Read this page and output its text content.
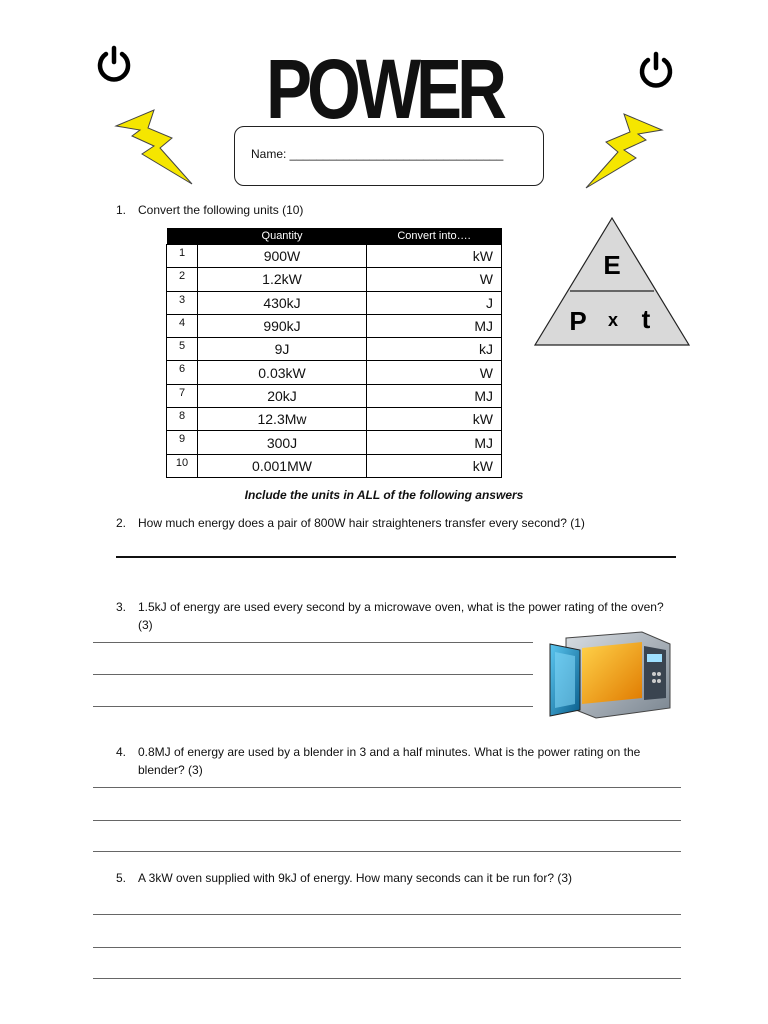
POWER
Name: ________________________________
1. Convert the following units (10)
	Quantity	Convert into….
1	900W	kW
2	1.2kW	W
3	430kJ	J
4	990kJ	MJ
5	9J	kJ
6	0.03kW	W
7	20kJ	MJ
8	12.3Mw	kW
9	300J	MJ
10	0.001MW	kW
E
P x t
Include the units in ALL of the following answers
2. How much energy does a pair of 800W hair straighteners transfer every second? (1)
3. 1.5kJ of energy are used every second by a microwave oven, what is the power rating of the oven?(3)
4. 0.8MJ of energy are used by a blender in 3 and a half minutes. What is the power rating on the blender? (3)
5. A 3kW oven supplied with 9kJ of energy. How many seconds can it be run for? (3)
